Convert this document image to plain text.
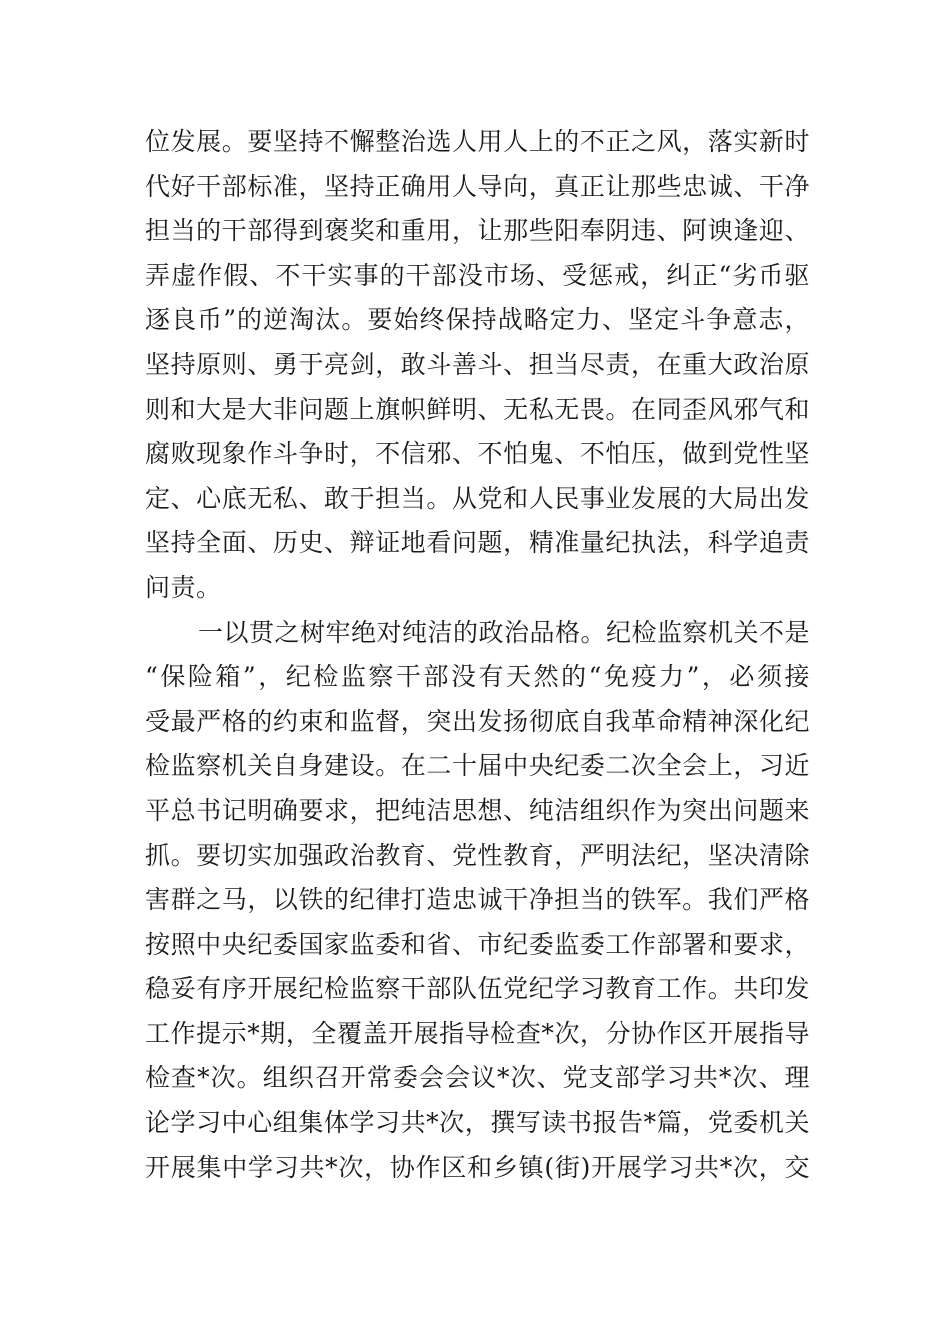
位发展。要坚持不懈整治选人用人上的不正之风，落实新时
代好干部标准，坚持正确用人导向，真正让那些忠诚、干净
担当的干部得到褒奖和重用，让那些阳奉阴违、阿谀逢迎、
弄虚作假、不干实事的干部没市场、受惩戒，纠正“劣币驱
逐良币”的逆淘汰。要始终保持战略定力、坚定斗争意志，
坚持原则、勇于亮剑，敢斗善斗、担当尽责，在重大政治原
则和大是大非问题上旗帜鲜明、无私无畏。在同歪风邪气和
腐败现象作斗争时，不信邪、不怕鬼、不怕压，做到党性坚
定、心底无私、敢于担当。从党和人民事业发展的大局出发
坚持全面、历史、辩证地看问题，精准量纪执法，科学追责
问责。
一以贯之树牢绝对纯洁的政治品格。纪检监察机关不是
“保险箱”，纪检监察干部没有天然的“免疫力”，必须接
受最严格的约束和监督，突出发扬彻底自我革命精神深化纪
检监察机关自身建设。在二十届中央纪委二次全会上，习近
平总书记明确要求，把纯洁思想、纯洁组织作为突出问题来
抓。要切实加强政治教育、党性教育，严明法纪，坚决清除
害群之马，以铁的纪律打造忠诚干净担当的铁军。我们严格
按照中央纪委国家监委和省、市纪委监委工作部署和要求，
稳妥有序开展纪检监察干部队伍党纪学习教育工作。共印发
工作提示*期，全覆盖开展指导检查*次，分协作区开展指导
检查*次。组织召开常委会会议*次、党支部学习共*次、理
论学习中心组集体学习共*次，撰写读书报告*篇，党委机关
开展集中学习共*次，协作区和乡镇(街)开展学习共*次，交
